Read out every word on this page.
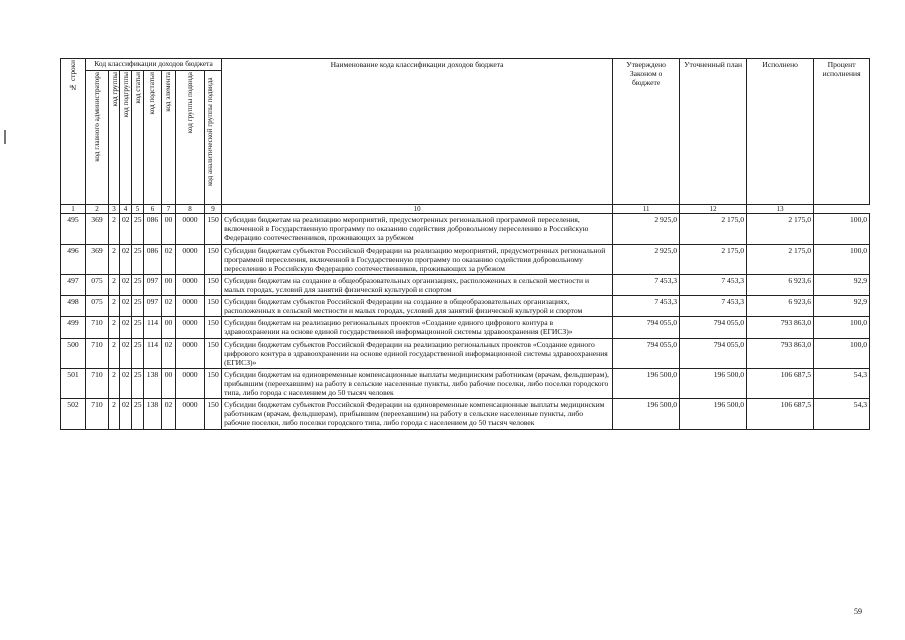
№ строки	Код классификации доходов бюджета								Наименование кода классификации доходов бюджета	Утверждено Законом о бюджете	Уточненный план	Исполнено	Процент исполнения

	код главного администратора	код группы	код подгруппы	код статьи	код подстатьи	код элемента	код группы подвида	код аналитической группы подвида					

1	2	3	4	5	6	7	8	9	10	11	12	13	
495	369	2	02	25	086	00	0000	150	Субсидии бюджетам на реализацию мероприятий, предусмотренных региональной программой переселения, включенной в Государственную программу по оказанию содействия добровольному переселению в Российскую Федерацию соотечественников, проживающих за рубежом	2 925,0	2 175,0	2 175,0	100,0
496	369	2	02	25	086	02	0000	150	Субсидии бюджетам субъектов Российской Федерации на реализацию мероприятий, предусмотренных региональной программой переселения, включенной в Государственную программу по оказанию содействия добровольному переселению в Российскую Федерацию соотечественников, проживающих за рубежом	2 925,0	2 175,0	2 175,0	100,0
497	075	2	02	25	097	00	0000	150	Субсидии бюджетам на создание в общеобразовательных организациях, расположенных в сельской местности и малых городах, условий для занятий физической культурой и спортом	7 453,3	7 453,3	6 923,6	92,9
498	075	2	02	25	097	02	0000	150	Субсидии бюджетам субъектов Российской Федерации на создание в общеобразовательных организациях, расположенных в сельской местности и малых городах, условий для занятий физической культурой и спортом	7 453,3	7 453,3	6 923,6	92,9
499	710	2	02	25	114	00	0000	150	Субсидии бюджетам на реализацию региональных проектов «Создание единого цифрового контура в здравоохранении на основе единой государственной информационной системы здравоохранения (ЕГИСЗ)»	794 055,0	794 055,0	793 863,0	100,0
500	710	2	02	25	114	02	0000	150	Субсидии бюджетам субъектов Российской Федерации на реализацию региональных проектов «Создание единого цифрового контура в здравоохранении на основе единой государственной информационной системы здравоохранения (ЕГИСЗ)»	794 055,0	794 055,0	793 863,0	100,0
501	710	2	02	25	138	00	0000	150	Субсидии бюджетам на единовременные компенсационные выплаты медицинским работникам (врачам, фельдшерам), прибывшим (переехавшим) на работу в сельские населенные пункты, либо рабочие поселки, либо поселки городского типа, либо города с населением до 50 тысяч человек	196 500,0	196 500,0	106 687,5	54,3
502	710	2	02	25	138	02	0000	150	Субсидии бюджетам субъектов Российской Федерации на единовременные компенсационные выплаты медицинским работникам (врачам, фельдшерам), прибывшим (переехавшим) на работу в сельские населенные пункты, либо рабочие поселки, либо поселки городского типа, либо города с населением до 50 тысяч человек	196 500,0	196 500,0	106 687,5	54,3
59
